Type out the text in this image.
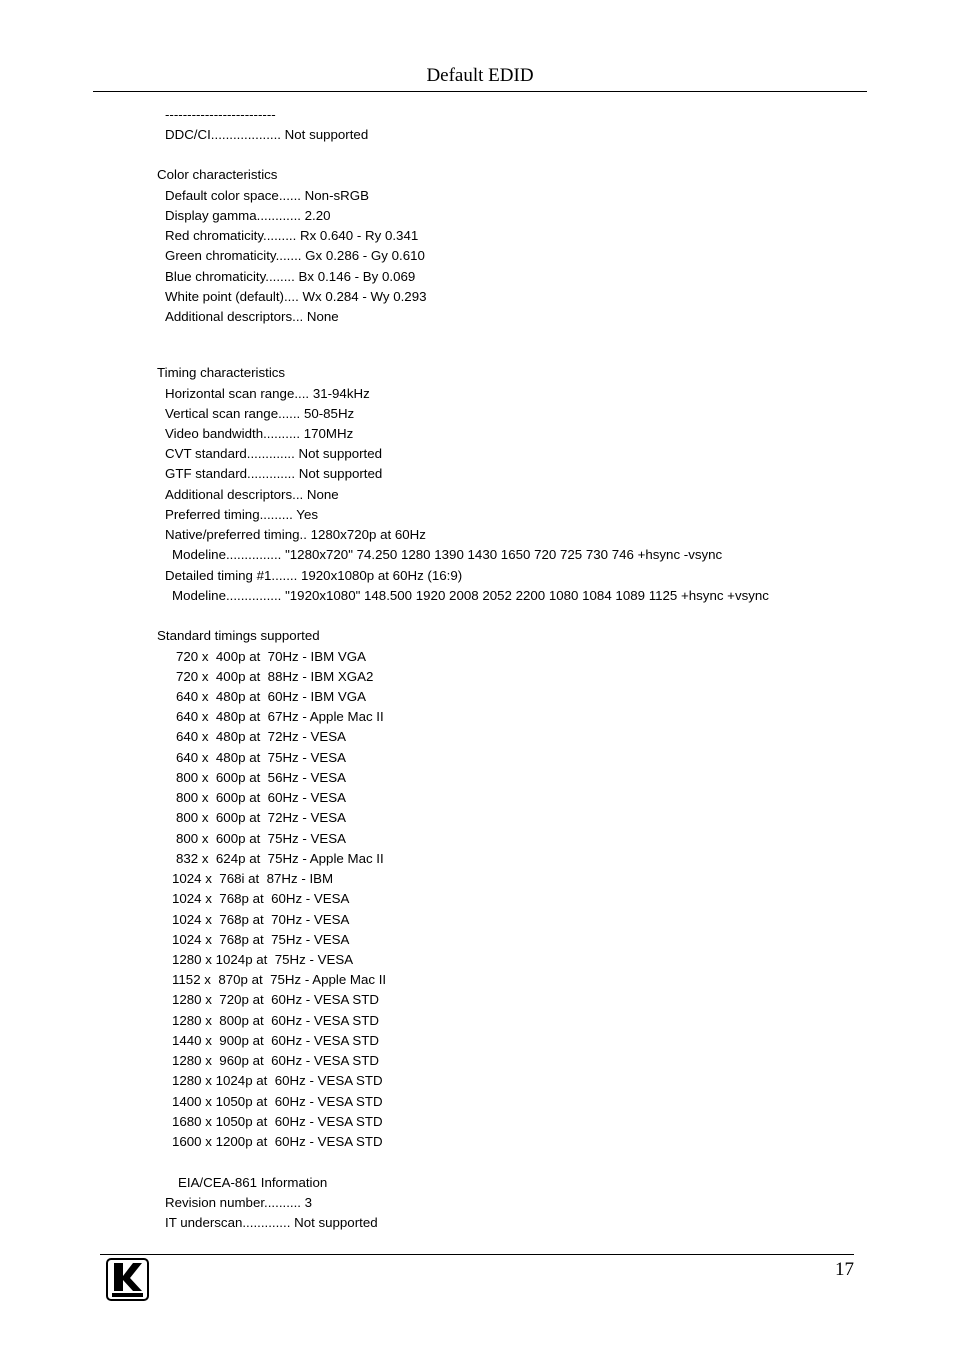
Default EDID

-------------------------

DDC/CI................... Not supported

Color characteristics

Default color space...... Non-sRGB

Display gamma............ 2.20

Red chromaticity......... Rx 0.640 - Ry 0.341

Green chromaticity....... Gx 0.286 - Gy 0.610

Blue chromaticity........ Bx 0.146 - By 0.069

White point (default).... Wx 0.284 - Wy 0.293

Additional descriptors... None

Timing characteristics

Horizontal scan range.... 31-94kHz

Vertical scan range...... 50-85Hz

Video bandwidth.......... 170MHz

CVT standard............. Not supported

GTF standard............. Not supported

Additional descriptors... None

Preferred timing......... Yes

Native/preferred timing.. 1280x720p at 60Hz

Modeline............... "1280x720" 74.250 1280 1390 1430 1650 720 725 730 746 +hsync -vsync

Detailed timing #1....... 1920x1080p at 60Hz (16:9)

Modeline............... "1920x1080" 148.500 1920 2008 2052 2200 1080 1084 1089 1125 +hsync +vsync

Standard timings supported

720 x  400p at  70Hz - IBM VGA

720 x  400p at  88Hz - IBM XGA2

640 x  480p at  60Hz - IBM VGA

640 x  480p at  67Hz - Apple Mac II

640 x  480p at  72Hz - VESA

640 x  480p at  75Hz - VESA

800 x  600p at  56Hz - VESA

800 x  600p at  60Hz - VESA

800 x  600p at  72Hz - VESA

800 x  600p at  75Hz - VESA

832 x  624p at  75Hz - Apple Mac II

1024 x  768i at  87Hz - IBM

1024 x  768p at  60Hz - VESA

1024 x  768p at  70Hz - VESA

1024 x  768p at  75Hz - VESA

1280 x 1024p at  75Hz - VESA

1152 x  870p at  75Hz - Apple Mac II

1280 x  720p at  60Hz - VESA STD

1280 x  800p at  60Hz - VESA STD

1440 x  900p at  60Hz - VESA STD

1280 x  960p at  60Hz - VESA STD

1280 x 1024p at  60Hz - VESA STD

1400 x 1050p at  60Hz - VESA STD

1680 x 1050p at  60Hz - VESA STD

1600 x 1200p at  60Hz - VESA STD

EIA/CEA-861 Information

Revision number.......... 3

IT underscan............. Not supported

17
